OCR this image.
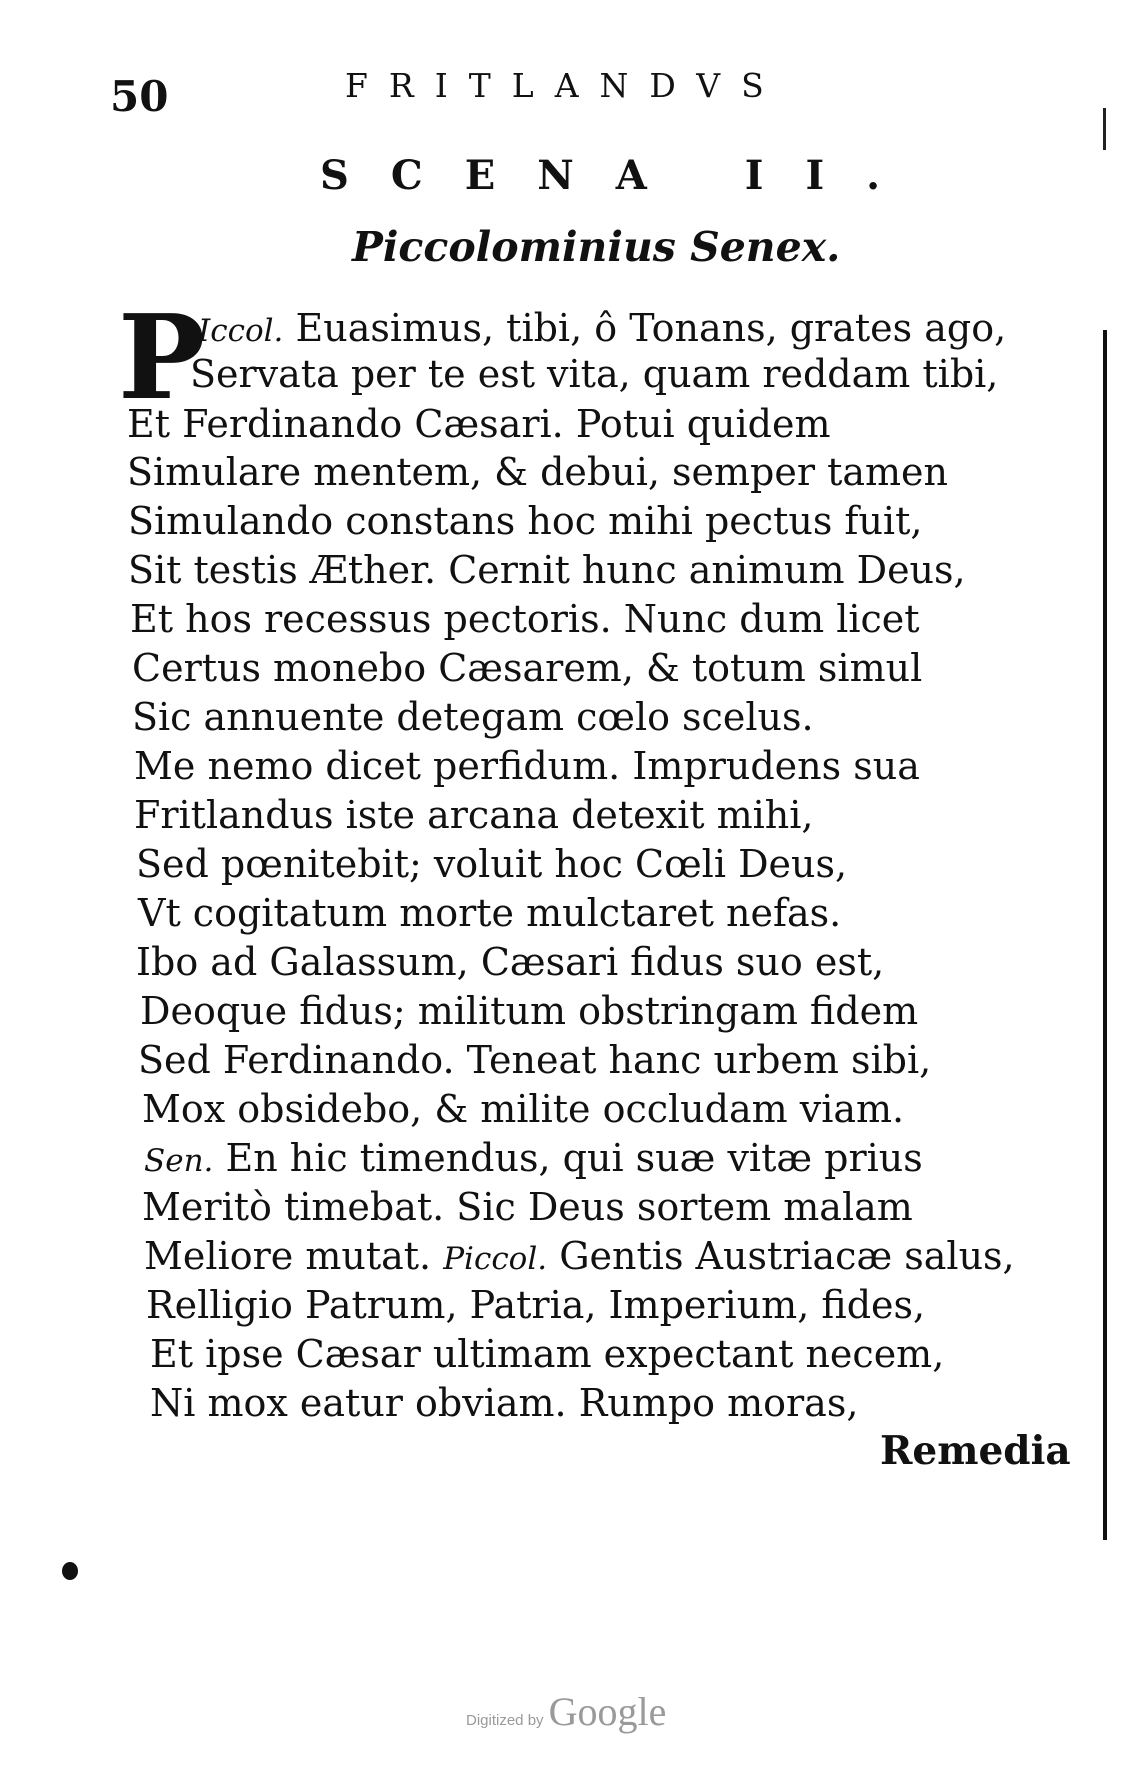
50	FRITLANDVS
SCENA II.
Piccolominius Senex.
P
Iccol. Euasimus, tibi, ô Tonans, grates ago,
Servata per te est vita, quam reddam tibi,
Et Ferdinando Cæsari. Potui quidem
Simulare mentem, & debui, semper tamen
Simulando constans hoc mihi pectus fuit,
Sit testis Æther. Cernit hunc animum Deus,
Et hos recessus pectoris. Nunc dum licet
Certus monebo Cæsarem, & totum simul
Sic annuente detegam cœlo scelus.
Me nemo dicet perfidum. Imprudens sua
Fritlandus iste arcana detexit mihi,
Sed pœnitebit; voluit hoc Cœli Deus,
Vt cogitatum morte mulctaret nefas.
Ibo ad Galassum, Cæsari fidus suo est,
Deoque fidus; militum obstringam fidem
Sed Ferdinando. Teneat hanc urbem sibi,
Mox obsidebo, & milite occludam viam.
Sen. En hic timendus, qui suæ vitæ prius
Meritò timebat. Sic Deus sortem malam
Meliore mutat. Piccol. Gentis Austriacæ salus,
Relligio Patrum, Patria, Imperium, fides,
Et ipse Cæsar ultimam expectant necem,
Ni mox eatur obviam. Rumpo moras,
Remedia
Digitized by Google
